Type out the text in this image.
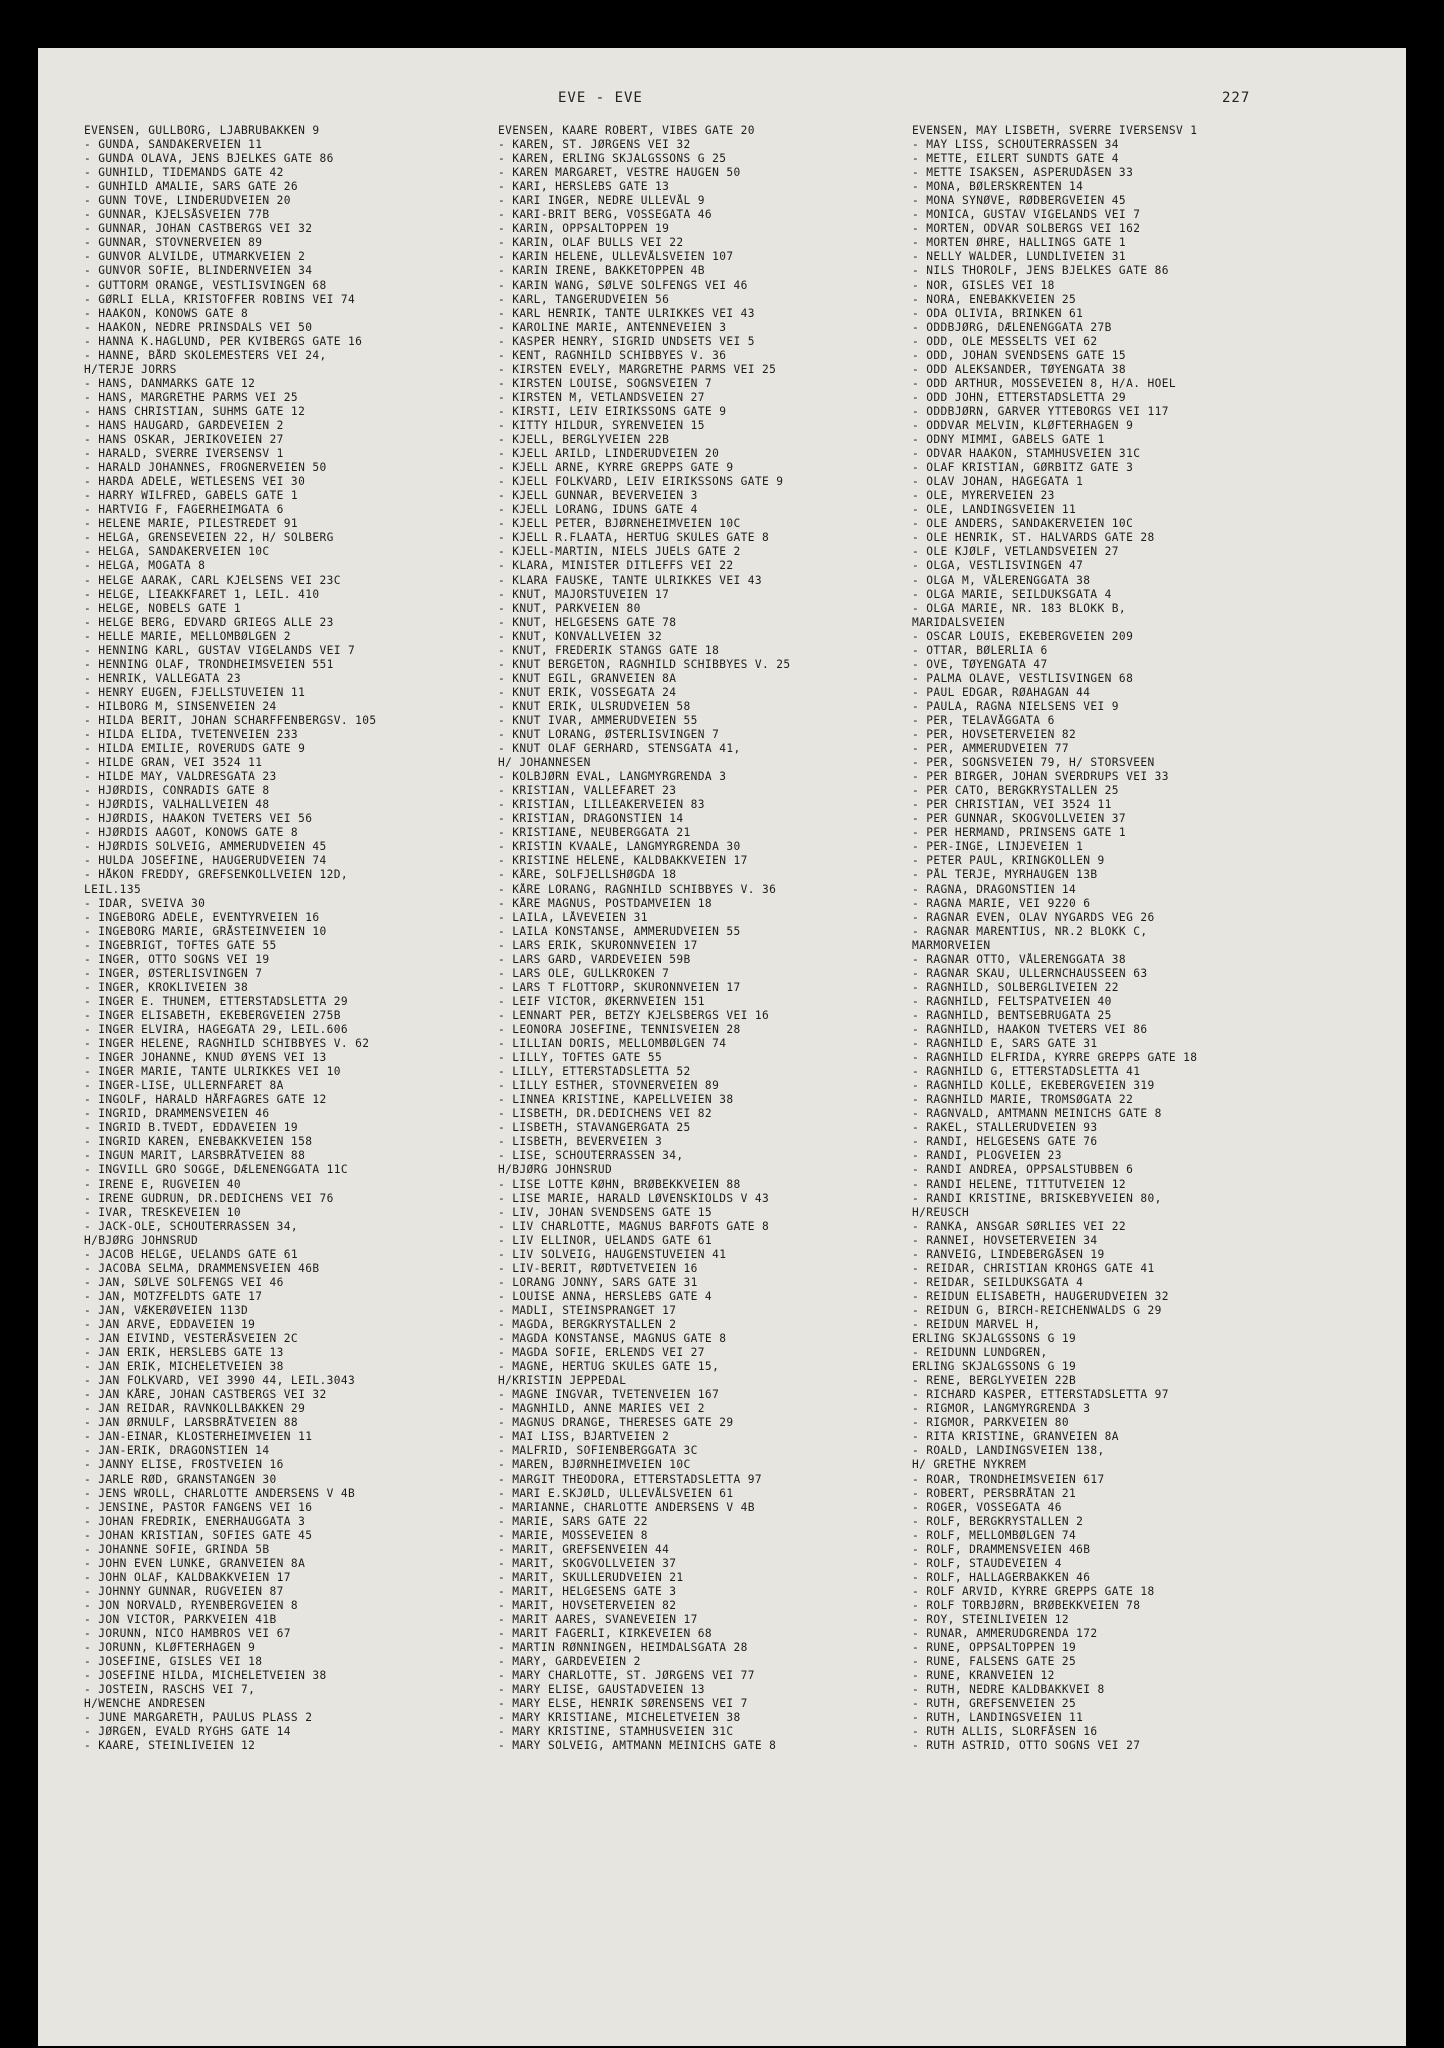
EVE - EVE	227
EVENSEN, GULLBORG, LJABRUBAKKEN 9
- GUNDA, SANDAKERVEIEN 11
- GUNDA OLAVA, JENS BJELKES GATE 86
- GUNHILD, TIDEMANDS GATE 42
- GUNHILD AMALIE, SARS GATE 26
- GUNN TOVE, LINDERUDVEIEN 20
- GUNNAR, KJELSÅSVEIEN 77B
- GUNNAR, JOHAN CASTBERGS VEI 32
- GUNNAR, STOVNERVEIEN 89
- GUNVOR ALVILDE, UTMARKVEIEN 2
- GUNVOR SOFIE, BLINDERNVEIEN 34
- GUTTORM ORANGE, VESTLISVINGEN 68
- GØRLI ELLA, KRISTOFFER ROBINS VEI 74
- HAAKON, KONOWS GATE 8
- HAAKON, NEDRE PRINSDALS VEI 50
- HANNA K.HAGLUND, PER KVIBERGS GATE 16
- HANNE, BÅRD SKOLEMESTERS VEI 24,
H/TERJE JORRS
- HANS, DANMARKS GATE 12
- HANS, MARGRETHE PARMS VEI 25
- HANS CHRISTIAN, SUHMS GATE 12
- HANS HAUGARD, GARDEVEIEN 2
- HANS OSKAR, JERIKOVEIEN 27
- HARALD, SVERRE IVERSENSV 1
- HARALD JOHANNES, FROGNERVEIEN 50
- HARDA ADELE, WETLESENS VEI 30
- HARRY WILFRED, GABELS GATE 1
- HARTVIG F, FAGERHEIMGATA 6
- HELENE MARIE, PILESTREDET 91
- HELGA, GRENSEVEIEN 22, H/ SOLBERG
- HELGA, SANDAKERVEIEN 10C
- HELGA, MOGATA 8
- HELGE AARAK, CARL KJELSENS VEI 23C
- HELGE, LIEAKKFARET 1, LEIL. 410
- HELGE, NOBELS GATE 1
- HELGE BERG, EDVARD GRIEGS ALLE 23
- HELLE MARIE, MELLOMBØLGEN 2
- HENNING KARL, GUSTAV VIGELANDS VEI 7
- HENNING OLAF, TRONDHEIMSVEIEN 551
- HENRIK, VALLEGATA 23
- HENRY EUGEN, FJELLSTUVEIEN 11
- HILBORG M, SINSENVEIEN 24
- HILDA BERIT, JOHAN SCHARFFENBERGSV. 105
- HILDA ELIDA, TVETENVEIEN 233
- HILDA EMILIE, ROVERUDS GATE 9
- HILDE GRAN, VEI 3524 11
- HILDE MAY, VALDRESGATA 23
- HJØRDIS, CONRADIS GATE 8
- HJØRDIS, VALHALLVEIEN 48
- HJØRDIS, HAAKON TVETERS VEI 56
- HJØRDIS AAGOT, KONOWS GATE 8
- HJØRDIS SOLVEIG, AMMERUDVEIEN 45
- HULDA JOSEFINE, HAUGERUDVEIEN 74
- HÅKON FREDDY, GREFSENKOLLVEIEN 12D,
LEIL.135
- IDAR, SVEIVA 30
- INGEBORG ADELE, EVENTYRVEIEN 16
- INGEBORG MARIE, GRÅSTEINVEIEN 10
- INGEBRIGT, TOFTES GATE 55
- INGER, OTTO SOGNS VEI 19
- INGER, ØSTERLISVINGEN 7
- INGER, KROKLIVEIEN 38
- INGER E. THUNEM, ETTERSTADSLETTA 29
- INGER ELISABETH, EKEBERGVEIEN 275B
- INGER ELVIRA, HAGEGATA 29, LEIL.606
- INGER HELENE, RAGNHILD SCHIBBYES V. 62
- INGER JOHANNE, KNUD ØYENS VEI 13
- INGER MARIE, TANTE ULRIKKES VEI 10
- INGER-LISE, ULLERNFARET 8A
- INGOLF, HARALD HÅRFAGRES GATE 12
- INGRID, DRAMMENSVEIEN 46
- INGRID B.TVEDT, EDDAVEIEN 19
- INGRID KAREN, ENEBAKKVEIEN 158
- INGUN MARIT, LARSBRÅTVEIEN 88
- INGVILL GRO SOGGE, DÆLENENGGATA 11C
- IRENE E, RUGVEIEN 40
- IRENE GUDRUN, DR.DEDICHENS VEI 76
- IVAR, TRESKEVEIEN 10
- JACK-OLE, SCHOUTERRASSEN 34,
H/BJØRG JOHNSRUD
- JACOB HELGE, UELANDS GATE 61
- JACOBA SELMA, DRAMMENSVEIEN 46B
- JAN, SØLVE SOLFENGS VEI 46
- JAN, MOTZFELDTS GATE 17
- JAN, VÆKERØVEIEN 113D
- JAN ARVE, EDDAVEIEN 19
- JAN EIVIND, VESTERÅSVEIEN 2C
- JAN ERIK, HERSLEBS GATE 13
- JAN ERIK, MICHELETVEIEN 38
- JAN FOLKVARD, VEI 3990 44, LEIL.3043
- JAN KÅRE, JOHAN CASTBERGS VEI 32
- JAN REIDAR, RAVNKOLLBAKKEN 29
- JAN ØRNULF, LARSBRÅTVEIEN 88
- JAN-EINAR, KLOSTERHEIMVEIEN 11
- JAN-ERIK, DRAGONSTIEN 14
- JANNY ELISE, FROSTVEIEN 16
- JARLE RØD, GRANSTANGEN 30
- JENS WROLL, CHARLOTTE ANDERSENS V 4B
- JENSINE, PASTOR FANGENS VEI 16
- JOHAN FREDRIK, ENERHAUGGATA 3
- JOHAN KRISTIAN, SOFIES GATE 45
- JOHANNE SOFIE, GRINDA 5B
- JOHN EVEN LUNKE, GRANVEIEN 8A
- JOHN OLAF, KALDBAKKVEIEN 17
- JOHNNY GUNNAR, RUGVEIEN 87
- JON NORVALD, RYENBERGVEIEN 8
- JON VICTOR, PARKVEIEN 41B
- JORUNN, NICO HAMBROS VEI 67
- JORUNN, KLØFTERHAGEN 9
- JOSEFINE, GISLES VEI 18
- JOSEFINE HILDA, MICHELETVEIEN 38
- JOSTEIN, RASCHS VEI 7,
H/WENCHE ANDRESEN
- JUNE MARGARETH, PAULUS PLASS 2
- JØRGEN, EVALD RYGHS GATE 14
- KAARE, STEINLIVEIEN 12
EVENSEN, KAARE ROBERT, VIBES GATE 20
- KAREN, ST. JØRGENS VEI 32
- KAREN, ERLING SKJALGSSONS G 25
- KAREN MARGARET, VESTRE HAUGEN 50
- KARI, HERSLEBS GATE 13
- KARI INGER, NEDRE ULLEVÅL 9
- KARI-BRIT BERG, VOSSEGATA 46
- KARIN, OPPSALTOPPEN 19
- KARIN, OLAF BULLS VEI 22
- KARIN HELENE, ULLEVÅLSVEIEN 107
- KARIN IRENE, BAKKETOPPEN 4B
- KARIN WANG, SØLVE SOLFENGS VEI 46
- KARL, TANGERUDVEIEN 56
- KARL HENRIK, TANTE ULRIKKES VEI 43
- KAROLINE MARIE, ANTENNEVEIEN 3
- KASPER HENRY, SIGRID UNDSETS VEI 5
- KENT, RAGNHILD SCHIBBYES V. 36
- KIRSTEN EVELY, MARGRETHE PARMS VEI 25
- KIRSTEN LOUISE, SOGNSVEIEN 7
- KIRSTEN M, VETLANDSVEIEN 27
- KIRSTI, LEIV EIRIKSSONS GATE 9
- KITTY HILDUR, SYRENVEIEN 15
- KJELL, BERGLYVEIEN 22B
- KJELL ARILD, LINDERUDVEIEN 20
- KJELL ARNE, KYRRE GREPPS GATE 9
- KJELL FOLKVARD, LEIV EIRIKSSONS GATE 9
- KJELL GUNNAR, BEVERVEIEN 3
- KJELL LORANG, IDUNS GATE 4
- KJELL PETER, BJØRNEHEIMVEIEN 10C
- KJELL R.FLAATA, HERTUG SKULES GATE 8
- KJELL-MARTIN, NIELS JUELS GATE 2
- KLARA, MINISTER DITLEFFS VEI 22
- KLARA FAUSKE, TANTE ULRIKKES VEI 43
- KNUT, MAJORSTUVEIEN 17
- KNUT, PARKVEIEN 80
- KNUT, HELGESENS GATE 78
- KNUT, KONVALLVEIEN 32
- KNUT, FREDERIK STANGS GATE 18
- KNUT BERGETON, RAGNHILD SCHIBBYES V. 25
- KNUT EGIL, GRANVEIEN 8A
- KNUT ERIK, VOSSEGATA 24
- KNUT ERIK, ULSRUDVEIEN 58
- KNUT IVAR, AMMERUDVEIEN 55
- KNUT LORANG, ØSTERLISVINGEN 7
- KNUT OLAF GERHARD, STENSGATA 41,
H/ JOHANNESEN
- KOLBJØRN EVAL, LANGMYRGRENDA 3
- KRISTIAN, VALLEFARET 23
- KRISTIAN, LILLEAKERVEIEN 83
- KRISTIAN, DRAGONSTIEN 14
- KRISTIANE, NEUBERGGATA 21
- KRISTIN KVAALE, LANGMYRGRENDA 30
- KRISTINE HELENE, KALDBAKKVEIEN 17
- KÅRE, SOLFJELLSHØGDA 18
- KÅRE LORANG, RAGNHILD SCHIBBYES V. 36
- KÅRE MAGNUS, POSTDAMVEIEN 18
- LAILA, LÅVEVEIEN 31
- LAILA KONSTANSE, AMMERUDVEIEN 55
- LARS ERIK, SKURONNVEIEN 17
- LARS GARD, VARDEVEIEN 59B
- LARS OLE, GULLKROKEN 7
- LARS T FLOTTORP, SKURONNVEIEN 17
- LEIF VICTOR, ØKERNVEIEN 151
- LENNART PER, BETZY KJELSBERGS VEI 16
- LEONORA JOSEFINE, TENNISVEIEN 28
- LILLIAN DORIS, MELLOMBØLGEN 74
- LILLY, TOFTES GATE 55
- LILLY, ETTERSTADSLETTA 52
- LILLY ESTHER, STOVNERVEIEN 89
- LINNEA KRISTINE, KAPELLVEIEN 38
- LISBETH, DR.DEDICHENS VEI 82
- LISBETH, STAVANGERGATA 25
- LISBETH, BEVERVEIEN 3
- LISE, SCHOUTERRASSEN 34,
H/BJØRG JOHNSRUD
- LISE LOTTE KØHN, BRØBEKKVEIEN 88
- LISE MARIE, HARALD LØVENSKIOLDS V 43
- LIV, JOHAN SVENDSENS GATE 15
- LIV CHARLOTTE, MAGNUS BARFOTS GATE 8
- LIV ELLINOR, UELANDS GATE 61
- LIV SOLVEIG, HAUGENSTUVEIEN 41
- LIV-BERIT, RØDTVETVEIEN 16
- LORANG JONNY, SARS GATE 31
- LOUISE ANNA, HERSLEBS GATE 4
- MADLI, STEINSPRANGET 17
- MAGDA, BERGKRYSTALLEN 2
- MAGDA KONSTANSE, MAGNUS GATE 8
- MAGDA SOFIE, ERLENDS VEI 27
- MAGNE, HERTUG SKULES GATE 15,
H/KRISTIN JEPPEDAL
- MAGNE INGVAR, TVETENVEIEN 167
- MAGNHILD, ANNE MARIES VEI 2
- MAGNUS DRANGE, THERESES GATE 29
- MAI LISS, BJARTVEIEN 2
- MALFRID, SOFIENBERGGATA 3C
- MAREN, BJØRNHEIMVEIEN 10C
- MARGIT THEODORA, ETTERSTADSLETTA 97
- MARI E.SKJØLD, ULLEVÅLSVEIEN 61
- MARIANNE, CHARLOTTE ANDERSENS V 4B
- MARIE, SARS GATE 22
- MARIE, MOSSEVEIEN 8
- MARIT, GREFSENVEIEN 44
- MARIT, SKOGVOLLVEIEN 37
- MARIT, SKULLERUDVEIEN 21
- MARIT, HELGESENS GATE 3
- MARIT, HOVSETERVEIEN 82
- MARIT AARES, SVANEVEIEN 17
- MARIT FAGERLI, KIRKEVEIEN 68
- MARTIN RØNNINGEN, HEIMDALSGATA 28
- MARY, GARDEVEIEN 2
- MARY CHARLOTTE, ST. JØRGENS VEI 77
- MARY ELISE, GAUSTADVEIEN 13
- MARY ELSE, HENRIK SØRENSENS VEI 7
- MARY KRISTIANE, MICHELETVEIEN 38
- MARY KRISTINE, STAMHUSVEIEN 31C
- MARY SOLVEIG, AMTMANN MEINICHS GATE 8
EVENSEN, MAY LISBETH, SVERRE IVERSENSV 1
- MAY LISS, SCHOUTERRASSEN 34
- METTE, EILERT SUNDTS GATE 4
- METTE ISAKSEN, ASPERUDÅSEN 33
- MONA, BØLERSKRENTEN 14
- MONA SYNØVE, RØDBERGVEIEN 45
- MONICA, GUSTAV VIGELANDS VEI 7
- MORTEN, ODVAR SOLBERGS VEI 162
- MORTEN ØHRE, HALLINGS GATE 1
- NELLY WALDER, LUNDLIVEIEN 31
- NILS THOROLF, JENS BJELKES GATE 86
- NOR, GISLES VEI 18
- NORA, ENEBAKKVEIEN 25
- ODA OLIVIA, BRINKEN 61
- ODDBJØRG, DÆLENENGGATA 27B
- ODD, OLE MESSELTS VEI 62
- ODD, JOHAN SVENDSENS GATE 15
- ODD ALEKSANDER, TØYENGATA 38
- ODD ARTHUR, MOSSEVEIEN 8, H/A. HOEL
- ODD JOHN, ETTERSTADSLETTA 29
- ODDBJØRN, GARVER YTTEBORGS VEI 117
- ODDVAR MELVIN, KLØFTERHAGEN 9
- ODNY MIMMI, GABELS GATE 1
- ODVAR HAAKON, STAMHUSVEIEN 31C
- OLAF KRISTIAN, GØRBITZ GATE 3
- OLAV JOHAN, HAGEGATA 1
- OLE, MYRERVEIEN 23
- OLE, LANDINGSVEIEN 11
- OLE ANDERS, SANDAKERVEIEN 10C
- OLE HENRIK, ST. HALVARDS GATE 28
- OLE KJØLF, VETLANDSVEIEN 27
- OLGA, VESTLISVINGEN 47
- OLGA M, VÅLERENGGATA 38
- OLGA MARIE, SEILDUKSGATA 4
- OLGA MARIE, NR. 183 BLOKK B,
MARIDALSVEIEN
- OSCAR LOUIS, EKEBERGVEIEN 209
- OTTAR, BØLERLIA 6
- OVE, TØYENGATA 47
- PALMA OLAVE, VESTLISVINGEN 68
- PAUL EDGAR, RØAHAGAN 44
- PAULA, RAGNA NIELSENS VEI 9
- PER, TELAVÅGGATA 6
- PER, HOVSETERVEIEN 82
- PER, AMMERUDVEIEN 77
- PER, SOGNSVEIEN 79, H/ STORSVEEN
- PER BIRGER, JOHAN SVERDRUPS VEI 33
- PER CATO, BERGKRYSTALLEN 25
- PER CHRISTIAN, VEI 3524 11
- PER GUNNAR, SKOGVOLLVEIEN 37
- PER HERMAND, PRINSENS GATE 1
- PER-INGE, LINJEVEIEN 1
- PETER PAUL, KRINGKOLLEN 9
- PÅL TERJE, MYRHAUGEN 13B
- RAGNA, DRAGONSTIEN 14
- RAGNA MARIE, VEI 9220 6
- RAGNAR EVEN, OLAV NYGARDS VEG 26
- RAGNAR MARENTIUS, NR.2 BLOKK C,
MARMORVEIEN
- RAGNAR OTTO, VÅLERENGGATA 38
- RAGNAR SKAU, ULLERNCHAUSSEEN 63
- RAGNHILD, SOLBERGLIVEIEN 22
- RAGNHILD, FELTSPATVEIEN 40
- RAGNHILD, BENTSEBRUGATA 25
- RAGNHILD, HAAKON TVETERS VEI 86
- RAGNHILD E, SARS GATE 31
- RAGNHILD ELFRIDA, KYRRE GREPPS GATE 18
- RAGNHILD G, ETTERSTADSLETTA 41
- RAGNHILD KOLLE, EKEBERGVEIEN 319
- RAGNHILD MARIE, TROMSØGATA 22
- RAGNVALD, AMTMANN MEINICHS GATE 8
- RAKEL, STALLERUDVEIEN 93
- RANDI, HELGESENS GATE 76
- RANDI, PLOGVEIEN 23
- RANDI ANDREA, OPPSALSTUBBEN 6
- RANDI HELENE, TITTUTVEIEN 12
- RANDI KRISTINE, BRISKEBYVEIEN 80,
H/REUSCH
- RANKA, ANSGAR SØRLIES VEI 22
- RANNEI, HOVSETERVEIEN 34
- RANVEIG, LINDEBERGÅSEN 19
- REIDAR, CHRISTIAN KROHGS GATE 41
- REIDAR, SEILDUKSGATA 4
- REIDUN ELISABETH, HAUGERUDVEIEN 32
- REIDUN G, BIRCH-REICHENWALDS G 29
- REIDUN MARVEL H,
ERLING SKJALGSSONS G 19
- REIDUNN LUNDGREN,
ERLING SKJALGSSONS G 19
- RENE, BERGLYVEIEN 22B
- RICHARD KASPER, ETTERSTADSLETTA 97
- RIGMOR, LANGMYRGRENDA 3
- RIGMOR, PARKVEIEN 80
- RITA KRISTINE, GRANVEIEN 8A
- ROALD, LANDINGSVEIEN 138,
H/ GRETHE NYKREM
- ROAR, TRONDHEIMSVEIEN 617
- ROBERT, PERSBRÅTAN 21
- ROGER, VOSSEGATA 46
- ROLF, BERGKRYSTALLEN 2
- ROLF, MELLOMBØLGEN 74
- ROLF, DRAMMENSVEIEN 46B
- ROLF, STAUDEVEIEN 4
- ROLF, HALLAGERBAKKEN 46
- ROLF ARVID, KYRRE GREPPS GATE 18
- ROLF TORBJØRN, BRØBEKKVEIEN 78
- ROY, STEINLIVEIEN 12
- RUNAR, AMMERUDGRENDA 172
- RUNE, OPPSALTOPPEN 19
- RUNE, FALSENS GATE 25
- RUNE, KRANVEIEN 12
- RUTH, NEDRE KALDBAKKVEI 8
- RUTH, GREFSENVEIEN 25
- RUTH, LANDINGSVEIEN 11
- RUTH ALLIS, SLORFÅSEN 16
- RUTH ASTRID, OTTO SOGNS VEI 27
